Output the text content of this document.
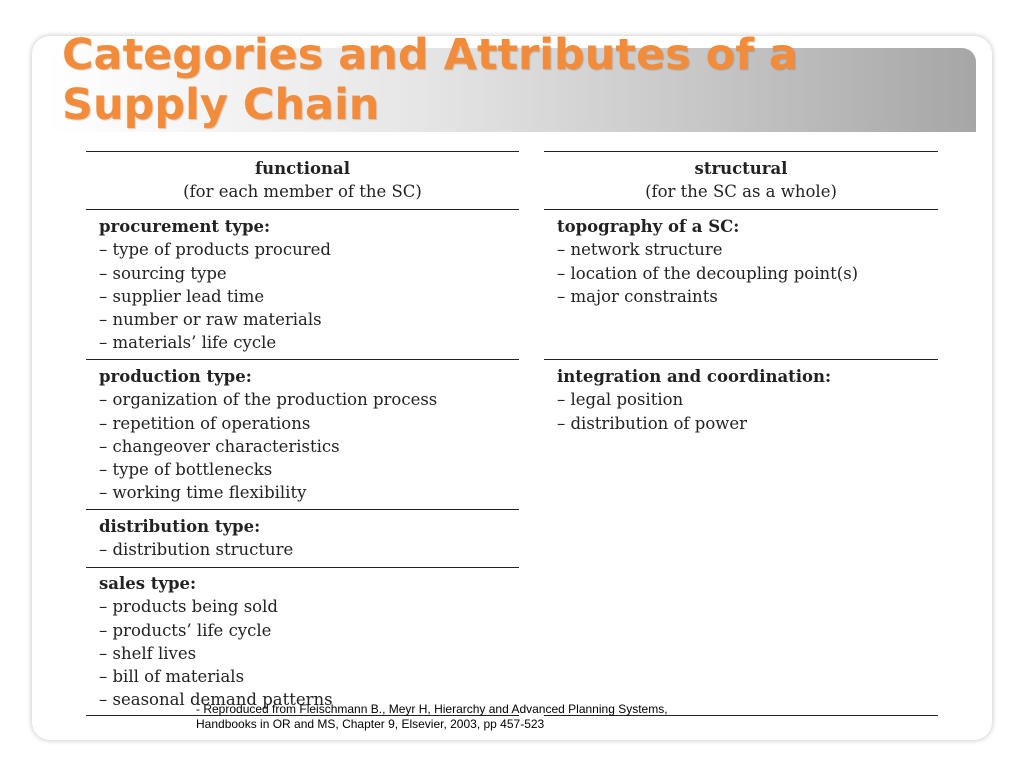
Categories and Attributes of a Supply Chain
functional
(for each member of the SC)
procurement type:
– type of products procured
– sourcing type
– supplier lead time
– number or raw materials
– materials’ life cycle
production type:
– organization of the production process
– repetition of operations
– changeover characteristics
– type of bottlenecks
– working time flexibility
distribution type:
– distribution structure
sales type:
– products being sold
– products’ life cycle
– shelf lives
– bill of materials
– seasonal demand patterns
structural
(for the SC as a whole)
topography of a SC:
– network structure
– location of the decoupling point(s)
– major constraints
integration and coordination:
– legal position
– distribution of power
- Reproduced from Fleischmann B., Meyr H, Hierarchy and Advanced Planning Systems,
Handbooks in OR and MS, Chapter 9, Elsevier, 2003, pp 457-523
